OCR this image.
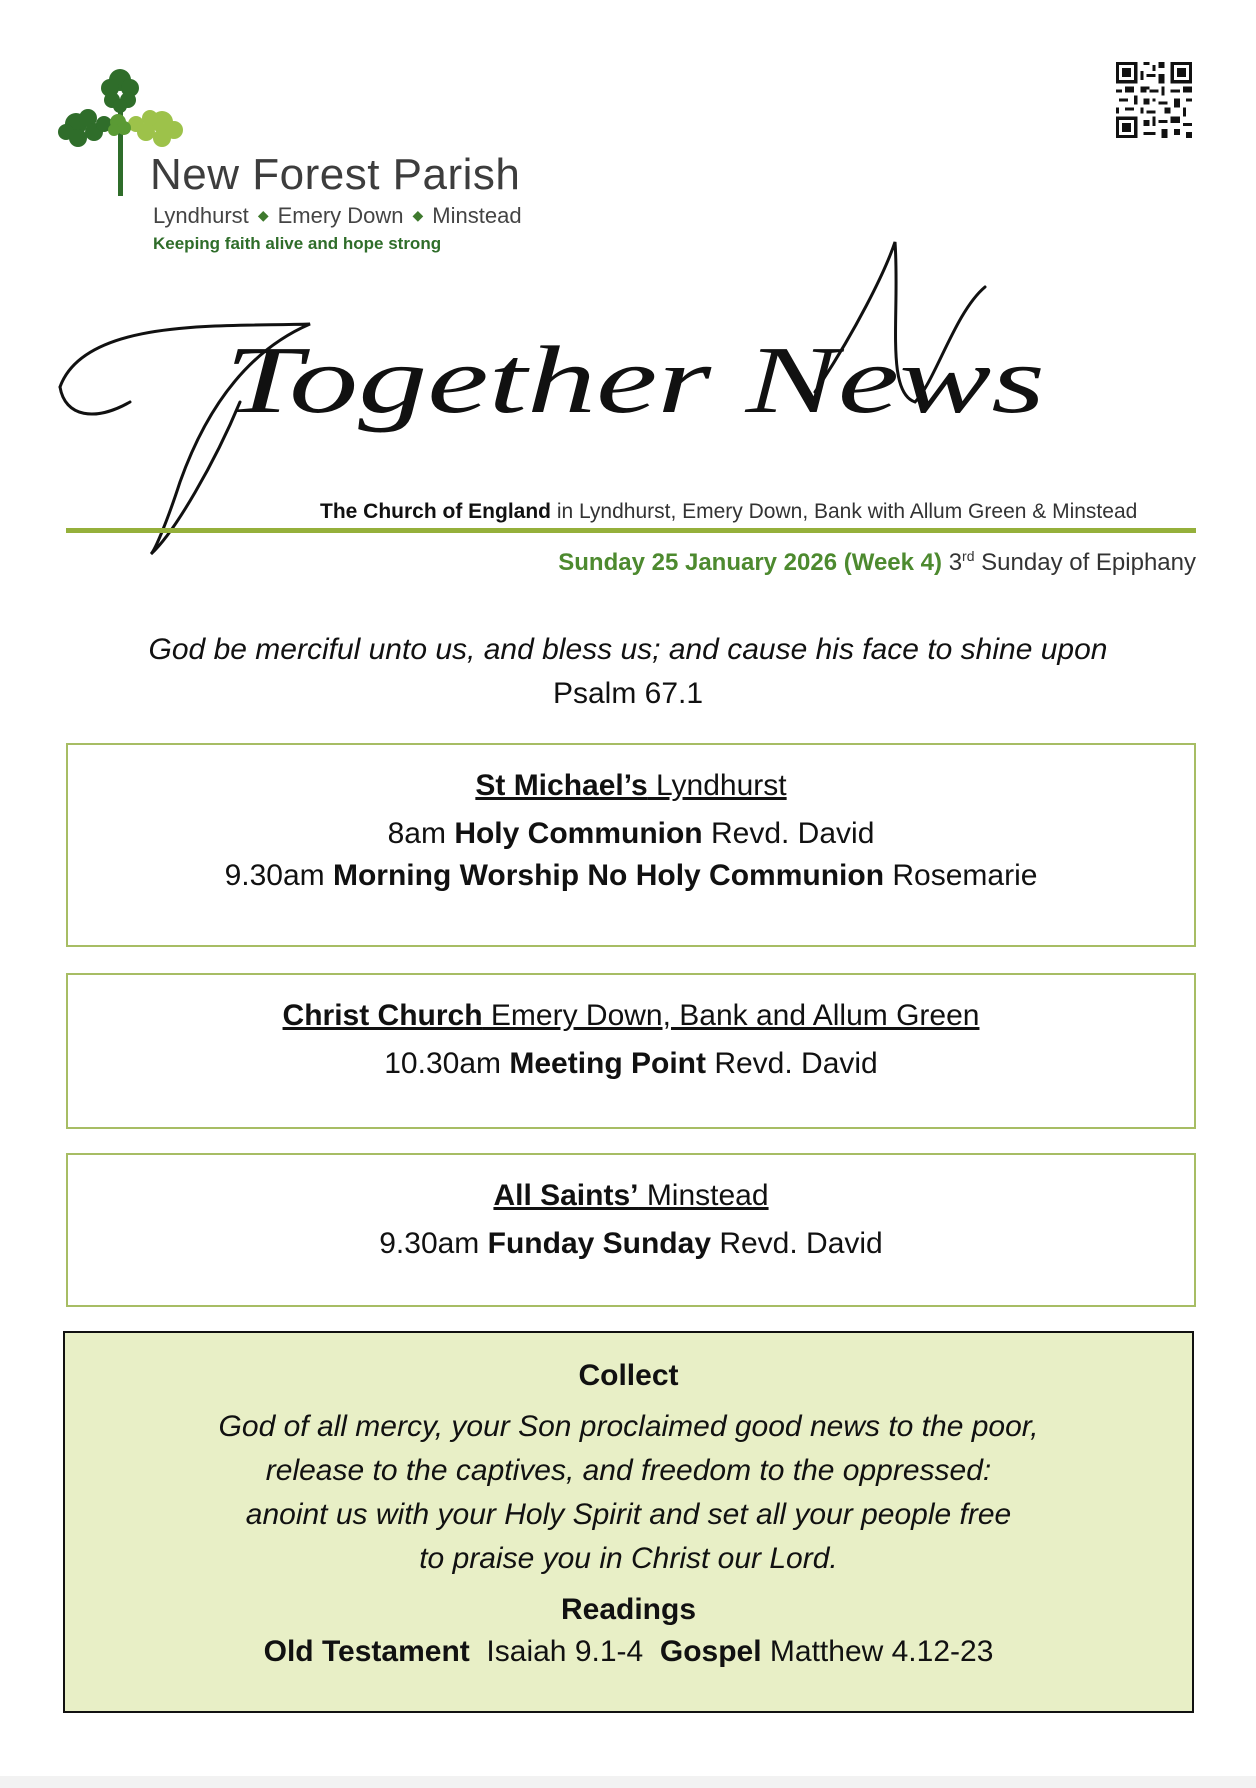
New Forest Parish
Lyndhurst ◆ Emery Down ◆ Minstead
Keeping faith alive and hope strong
Together News
The Church of England in Lyndhurst, Emery Down, Bank with Allum Green & Minstead
Sunday 25 January 2026 (Week 4) 3rd Sunday of Epiphany
God be merciful unto us, and bless us; and cause his face to shine upon
Psalm 67.1
St Michael’s Lyndhurst
8am Holy Communion Revd. David
9.30am Morning Worship No Holy Communion Rosemarie
Christ Church Emery Down, Bank and Allum Green
10.30am Meeting Point Revd. David
All Saints’ Minstead
9.30am Funday Sunday Revd. David
Collect
God of all mercy, your Son proclaimed good news to the poor,
release to the captives, and freedom to the oppressed:
anoint us with your Holy Spirit and set all your people free
to praise you in Christ our Lord.
Readings
Old Testament  Isaiah 9.1-4  Gospel Matthew 4.12-23
